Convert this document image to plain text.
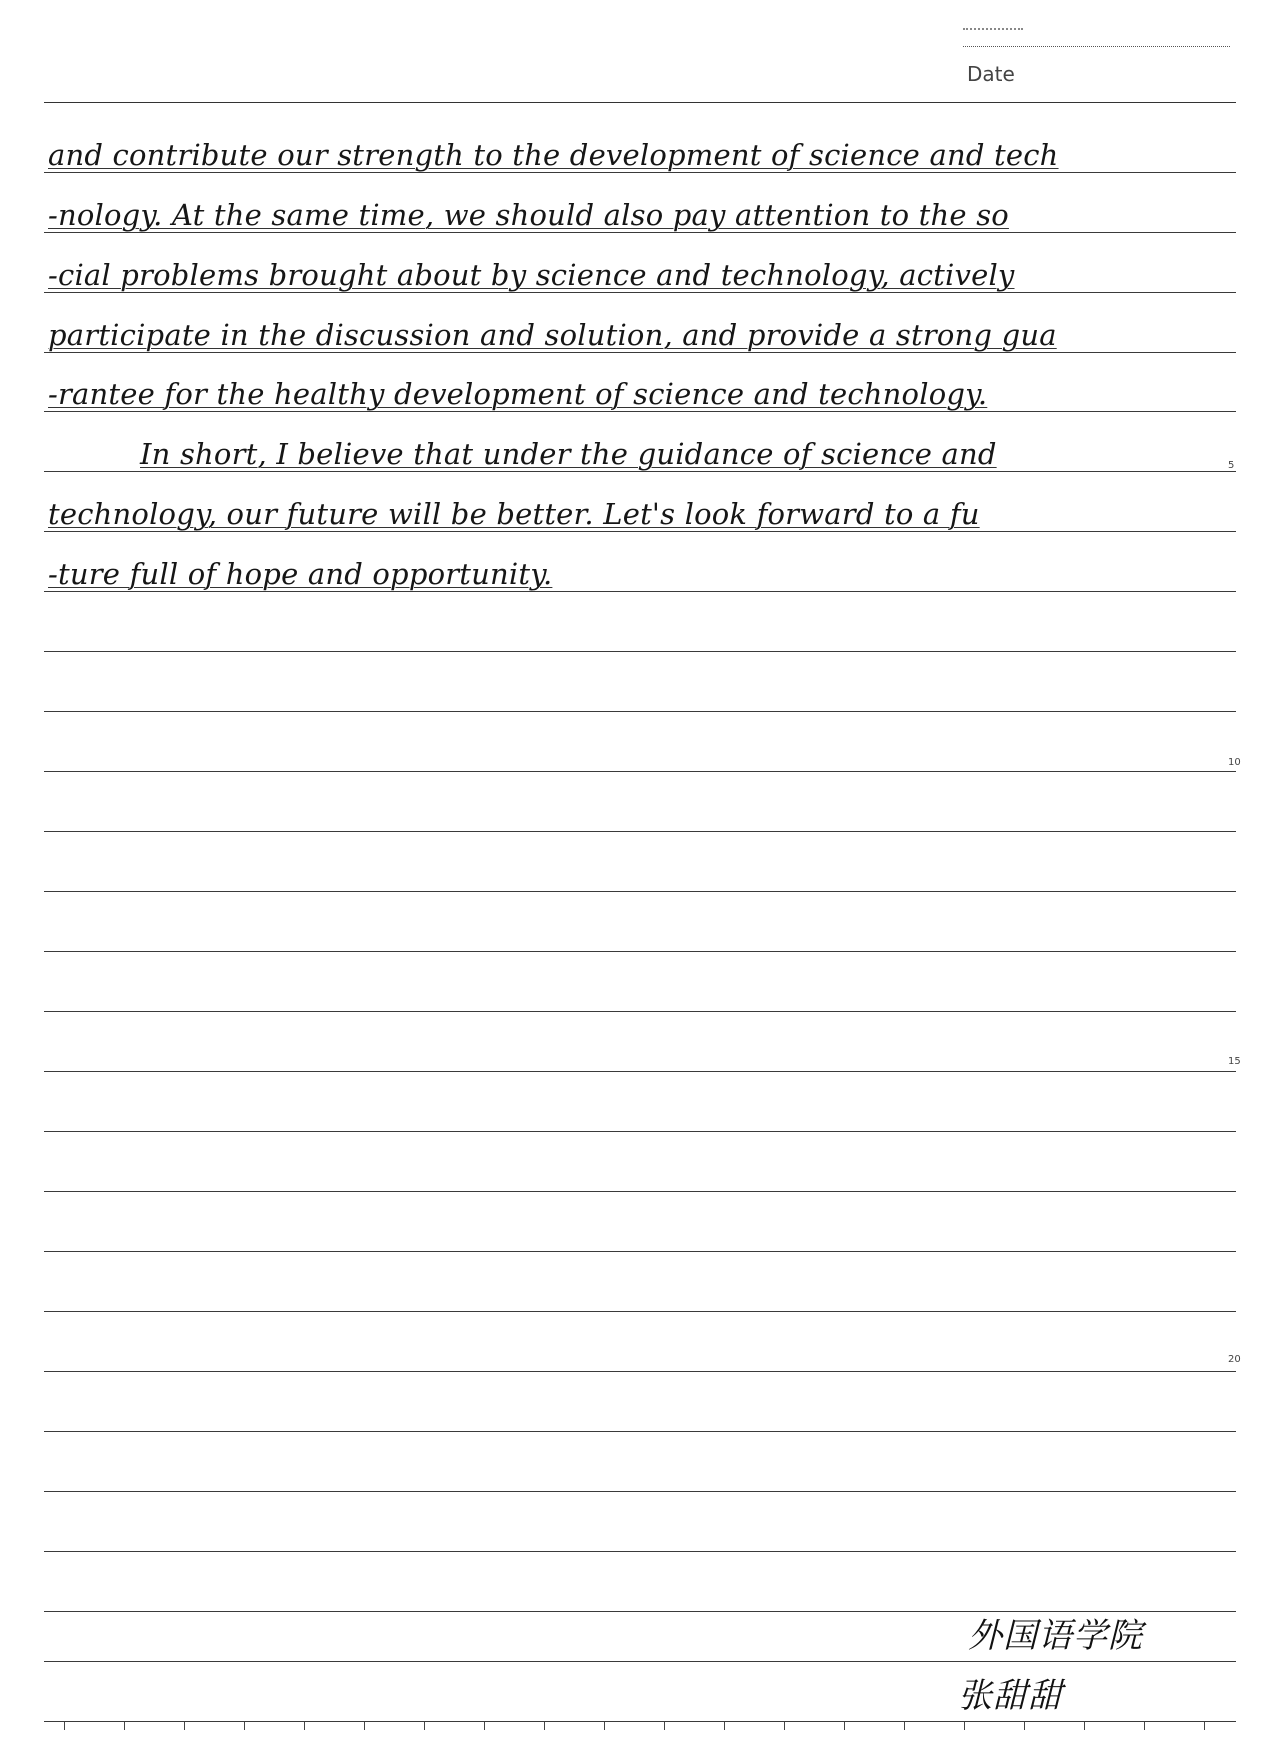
Date
5
10
15
20
and contribute our strength to the development of science and tech
-nology. At the same time, we should also pay attention to the so
-cial problems brought about by science and technology, actively
participate in the discussion and solution, and provide a strong gua
-rantee for the healthy development of science and technology.
In short, I believe that under the guidance of science and
technology, our future will be better. Let's look forward to a fu
-ture full of hope and opportunity.
外国语学院
张甜甜
